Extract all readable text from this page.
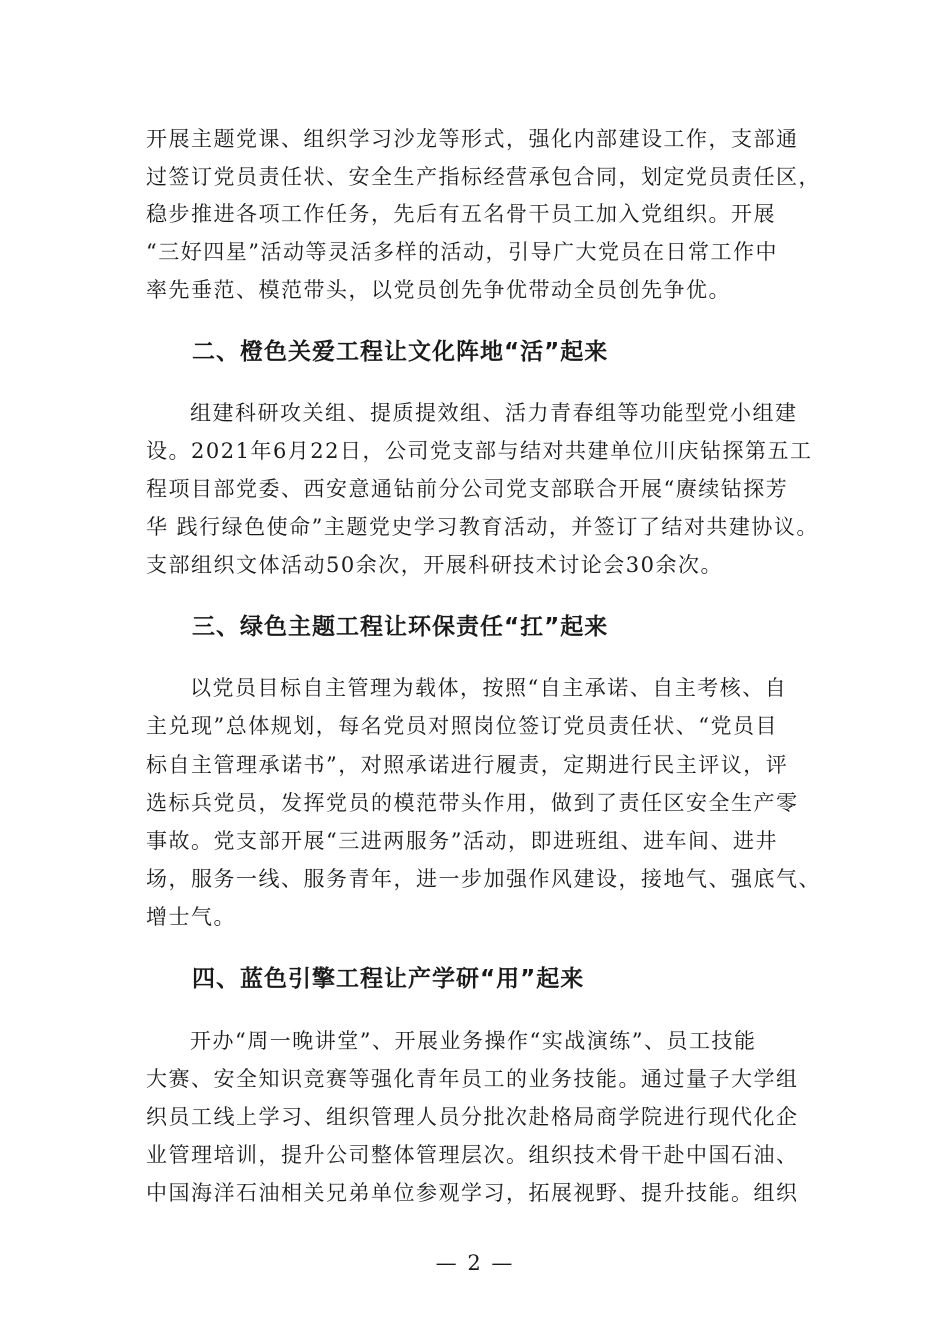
开展主题党课、组织学习沙龙等形式，强化内部建设工作，支部通
过签订党员责任状、安全生产指标经营承包合同，划定党员责任区，
稳步推进各项工作任务，先后有五名骨干员工加入党组织。开展
“三好四星”活动等灵活多样的活动，引导广大党员在日常工作中
率先垂范、模范带头，以党员创先争优带动全员创先争优。
二、橙色关爱工程让文化阵地“活”起来
组建科研攻关组、提质提效组、活力青春组等功能型党小组建
设。2021年6月22日，公司党支部与结对共建单位川庆钻探第五工
程项目部党委、西安意通钻前分公司党支部联合开展“赓续钻探芳
华 践行绿色使命”主题党史学习教育活动，并签订了结对共建协议。
支部组织文体活动50余次，开展科研技术讨论会30余次。
三、绿色主题工程让环保责任“扛”起来
以党员目标自主管理为载体，按照“自主承诺、自主考核、自
主兑现”总体规划，每名党员对照岗位签订党员责任状、“党员目
标自主管理承诺书”，对照承诺进行履责，定期进行民主评议，评
选标兵党员，发挥党员的模范带头作用，做到了责任区安全生产零
事故。党支部开展“三进两服务”活动，即进班组、进车间、进井
场，服务一线、服务青年，进一步加强作风建设，接地气、强底气、
增士气。
四、蓝色引擎工程让产学研“用”起来
开办“周一晚讲堂”、开展业务操作“实战演练”、员工技能
大赛、安全知识竞赛等强化青年员工的业务技能。通过量子大学组
织员工线上学习、组织管理人员分批次赴格局商学院进行现代化企
业管理培训，提升公司整体管理层次。组织技术骨干赴中国石油、
中国海洋石油相关兄弟单位参观学习，拓展视野、提升技能。组织
— 2 —
